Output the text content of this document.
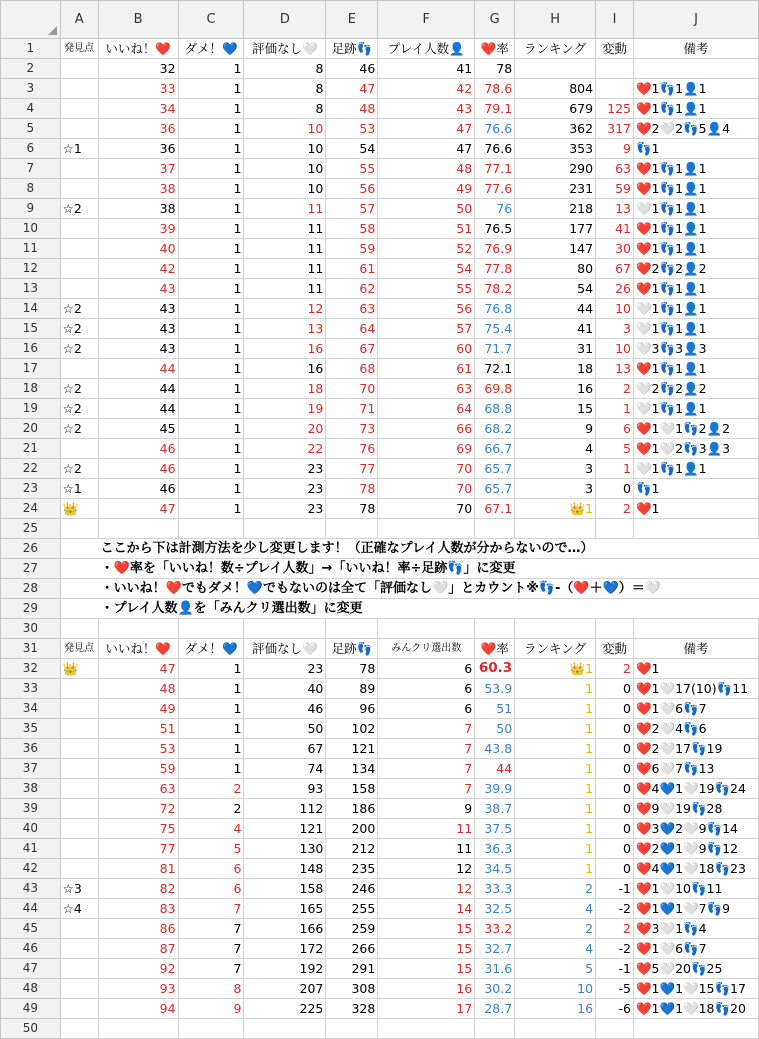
	A	B	C	D	E	F	G	H	I	J
1	発見点	いいね！❤️	ダメ！💙	評価なし🤍	足跡👣	プレイ人数👤	❤️率	ランキング	変動	備考
2		32	1	8	46	41	78			
3		33	1	8	47	42	78.6	804		❤️1👣1👤1
4		34	1	8	48	43	79.1	679	125	❤️1👣1👤1
5		36	1	10	53	47	76.6	362	317	❤️2🤍2👣5👤4
6	☆1	36	1	10	54	47	76.6	353	9	👣1
7		37	1	10	55	48	77.1	290	63	❤️1👣1👤1
8		38	1	10	56	49	77.6	231	59	❤️1👣1👤1
9	☆2	38	1	11	57	50	76	218	13	🤍1👣1👤1
10		39	1	11	58	51	76.5	177	41	❤️1👣1👤1
11		40	1	11	59	52	76.9	147	30	❤️1👣1👤1
12		42	1	11	61	54	77.8	80	67	❤️2👣2👤2
13		43	1	11	62	55	78.2	54	26	❤️1👣1👤1
14	☆2	43	1	12	63	56	76.8	44	10	🤍1👣1👤1
15	☆2	43	1	13	64	57	75.4	41	3	🤍1👣1👤1
16	☆2	43	1	16	67	60	71.7	31	10	🤍3👣3👤3
17		44	1	16	68	61	72.1	18	13	❤️1👣1👤1
18	☆2	44	1	18	70	63	69.8	16	2	🤍2👣2👤2
19	☆2	44	1	19	71	64	68.8	15	1	🤍1👣1👤1
20	☆2	45	1	20	73	66	68.2	9	6	❤️1🤍1👣2👤2
21		46	1	22	76	69	66.7	4	5	❤️1🤍2👣3👤3
22	☆2	46	1	23	77	70	65.7	3	1	🤍1👣1👤1
23	☆1	46	1	23	78	70	65.7	3	0	👣1
24	👑	47	1	23	78	70	67.1	👑1	2	❤️1
25										
26		ここから下は計測方法を少し変更します！（正確なプレイ人数が分からないので…）								
27		・❤️率を「いいね！数÷プレイ人数」→「いいね！率÷足跡👣」に変更								
28		・いいね！❤️でもダメ！💙でもないのは全て「評価なし🤍」とカウント※👣-（❤️＋💙）＝🤍								
29		・プレイ人数👤を「みんクリ選出数」に変更								
30										
31	発見点	いいね！❤️	ダメ！💙	評価なし🤍	足跡👣	みんクリ選出数	❤️率	ランキング	変動	備考
32	👑	47	1	23	78	6	60.3	👑1	2	❤️1
33		48	1	40	89	6	53.9	1	0	❤️1🤍17(10)👣11
34		49	1	46	96	6	51	1	0	❤️1🤍6👣7
35		51	1	50	102	7	50	1	0	❤️2🤍4👣6
36		53	1	67	121	7	43.8	1	0	❤️2🤍17👣19
37		59	1	74	134	7	44	1	0	❤️6🤍7👣13
38		63	2	93	158	7	39.9	1	0	❤️4💙1🤍19👣24
39		72	2	112	186	9	38.7	1	0	❤️9🤍19👣28
40		75	4	121	200	11	37.5	1	0	❤️3💙2🤍9👣14
41		77	5	130	212	11	36.3	1	0	❤️2💙1🤍9👣12
42		81	6	148	235	12	34.5	1	0	❤️4💙1🤍18👣23
43	☆3	82	6	158	246	12	33.3	2	-1	❤️1🤍10👣11
44	☆4	83	7	165	255	14	32.5	4	-2	❤️1💙1🤍7👣9
45		86	7	166	259	15	33.2	2	2	❤️3🤍1👣4
46		87	7	172	266	15	32.7	4	-2	❤️1🤍6👣7
47		92	7	192	291	15	31.6	5	-1	❤️5🤍20👣25
48		93	8	207	308	16	30.2	10	-5	❤️1💙1🤍15👣17
49		94	9	225	328	17	28.7	16	-6	❤️1💙1🤍18👣20
50										
